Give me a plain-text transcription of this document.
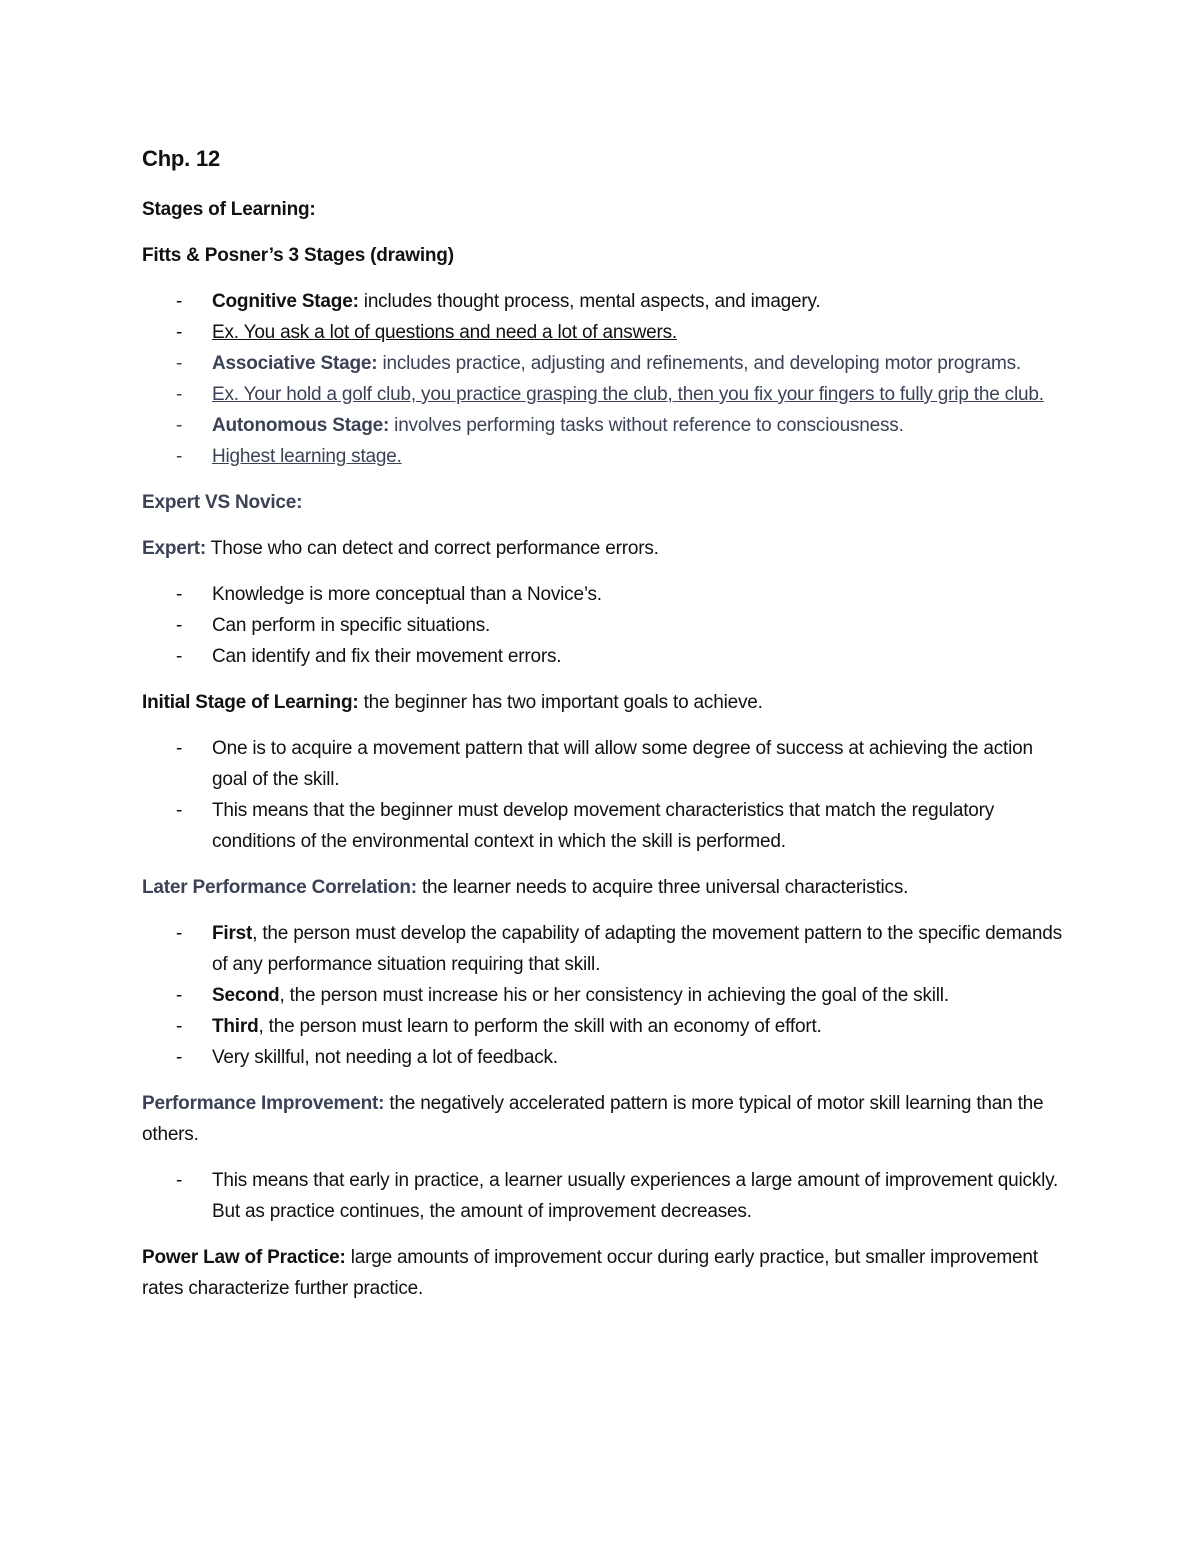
Chp. 12
Stages of Learning:
Fitts & Posner’s 3 Stages (drawing)
- Cognitive Stage: includes thought process, mental aspects, and imagery.
- Ex. You ask a lot of questions and need a lot of answers.
- Associative Stage: includes practice, adjusting and refinements, and developing motor programs.
- Ex. Your hold a golf club, you practice grasping the club, then you fix your fingers to fully grip the club.
- Autonomous Stage: involves performing tasks without reference to consciousness.
- Highest learning stage.
Expert VS Novice:
Expert: Those who can detect and correct performance errors.
- Knowledge is more conceptual than a Novice’s.
- Can perform in specific situations.
- Can identify and fix their movement errors.
Initial Stage of Learning: the beginner has two important goals to achieve.
- One is to acquire a movement pattern that will allow some degree of success at achieving the action goal of the skill.
- This means that the beginner must develop movement characteristics that match the regulatory conditions of the environmental context in which the skill is performed.
Later Performance Correlation: the learner needs to acquire three universal characteristics.
- First, the person must develop the capability of adapting the movement pattern to the specific demands of any performance situation requiring that skill.
- Second, the person must increase his or her consistency in achieving the goal of the skill.
- Third, the person must learn to perform the skill with an economy of effort.
- Very skillful, not needing a lot of feedback.
Performance Improvement: the negatively accelerated pattern is more typical of motor skill learning than the others.
- This means that early in practice, a learner usually experiences a large amount of improvement quickly. But as practice continues, the amount of improvement decreases.
Power Law of Practice: large amounts of improvement occur during early practice, but smaller improvement rates characterize further practice.
